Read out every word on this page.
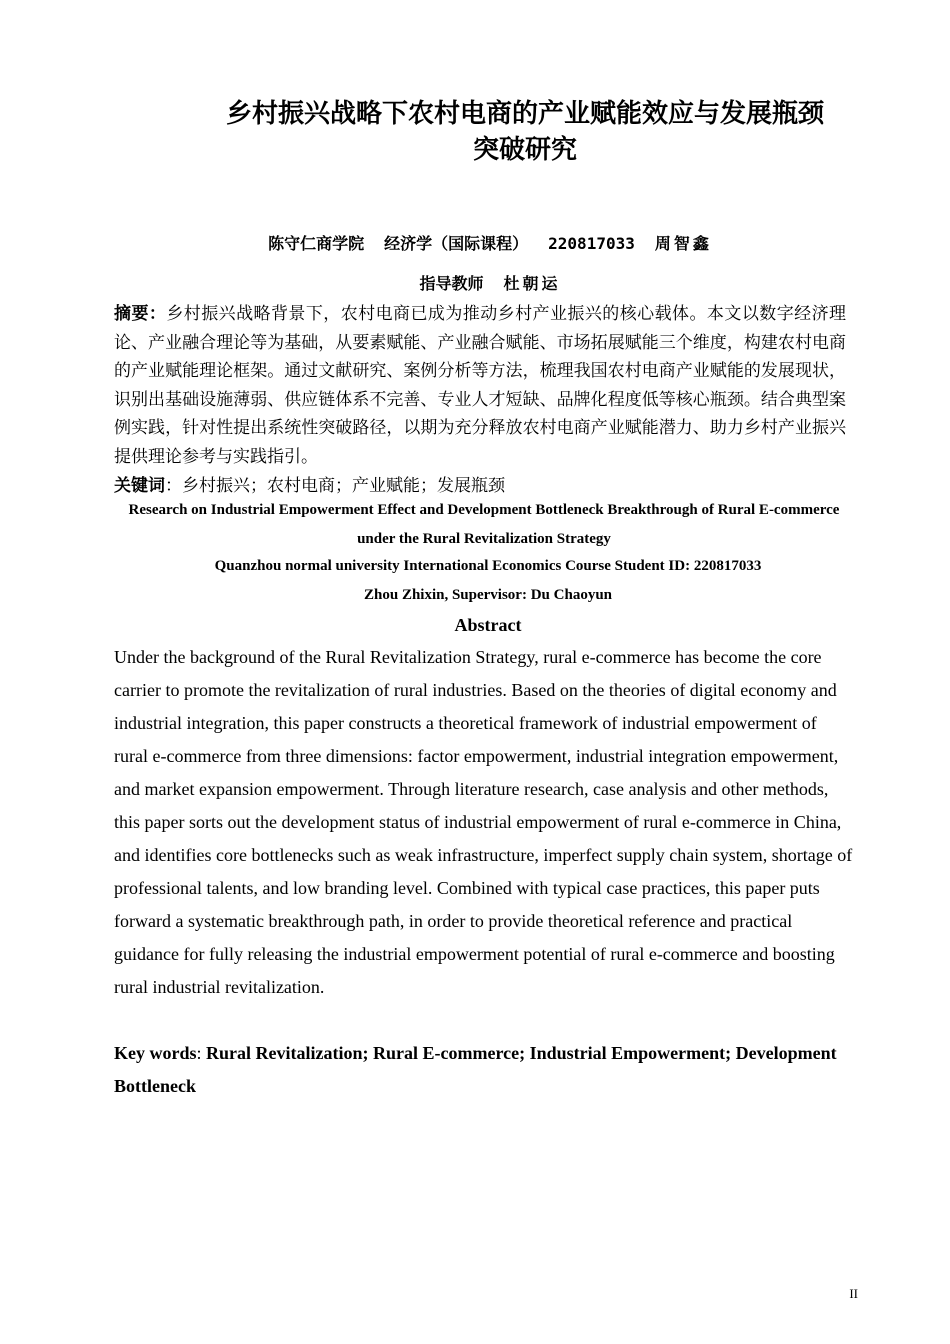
乡村振兴战略下农村电商的产业赋能效应与发展瓶颈
突破研究
陈守仁商学院 经济学（国际课程） 220817033 周智鑫
指导教师 杜朝运
摘要：乡村振兴战略背景下，农村电商已成为推动乡村产业振兴的核心载体。本文以数字经济理论、产业融合理论等为基础，从要素赋能、产业融合赋能、市场拓展赋能三个维度，构建农村电商的产业赋能理论框架。通过文献研究、案例分析等方法，梳理我国农村电商产业赋能的发展现状，识别出基础设施薄弱、供应链体系不完善、专业人才短缺、品牌化程度低等核心瓶颈。结合典型案例实践，针对性提出系统性突破路径，以期为充分释放农村电商产业赋能潜力、助力乡村产业振兴提供理论参考与实践指引。
关键词：乡村振兴；农村电商；产业赋能；发展瓶颈
Research on Industrial Empowerment Effect and Development Bottleneck Breakthrough of Rural E-commerce under the Rural Revitalization Strategy
Quanzhou normal university International Economics Course Student ID: 220817033
Zhou Zhixin, Supervisor: Du Chaoyun
Abstract
Under the background of the Rural Revitalization Strategy, rural e-commerce has become the core carrier to promote the revitalization of rural industries. Based on the theories of digital economy and industrial integration, this paper constructs a theoretical framework of industrial empowerment of rural e-commerce from three dimensions: factor empowerment, industrial integration empowerment, and market expansion empowerment. Through literature research, case analysis and other methods, this paper sorts out the development status of industrial empowerment of rural e-commerce in China, and identifies core bottlenecks such as weak infrastructure, imperfect supply chain system, shortage of professional talents, and low branding level. Combined with typical case practices, this paper puts forward a systematic breakthrough path, in order to provide theoretical reference and practical guidance for fully releasing the industrial empowerment potential of rural e-commerce and boosting rural industrial revitalization.
Key words: Rural Revitalization; Rural E-commerce; Industrial Empowerment; Development Bottleneck
II
